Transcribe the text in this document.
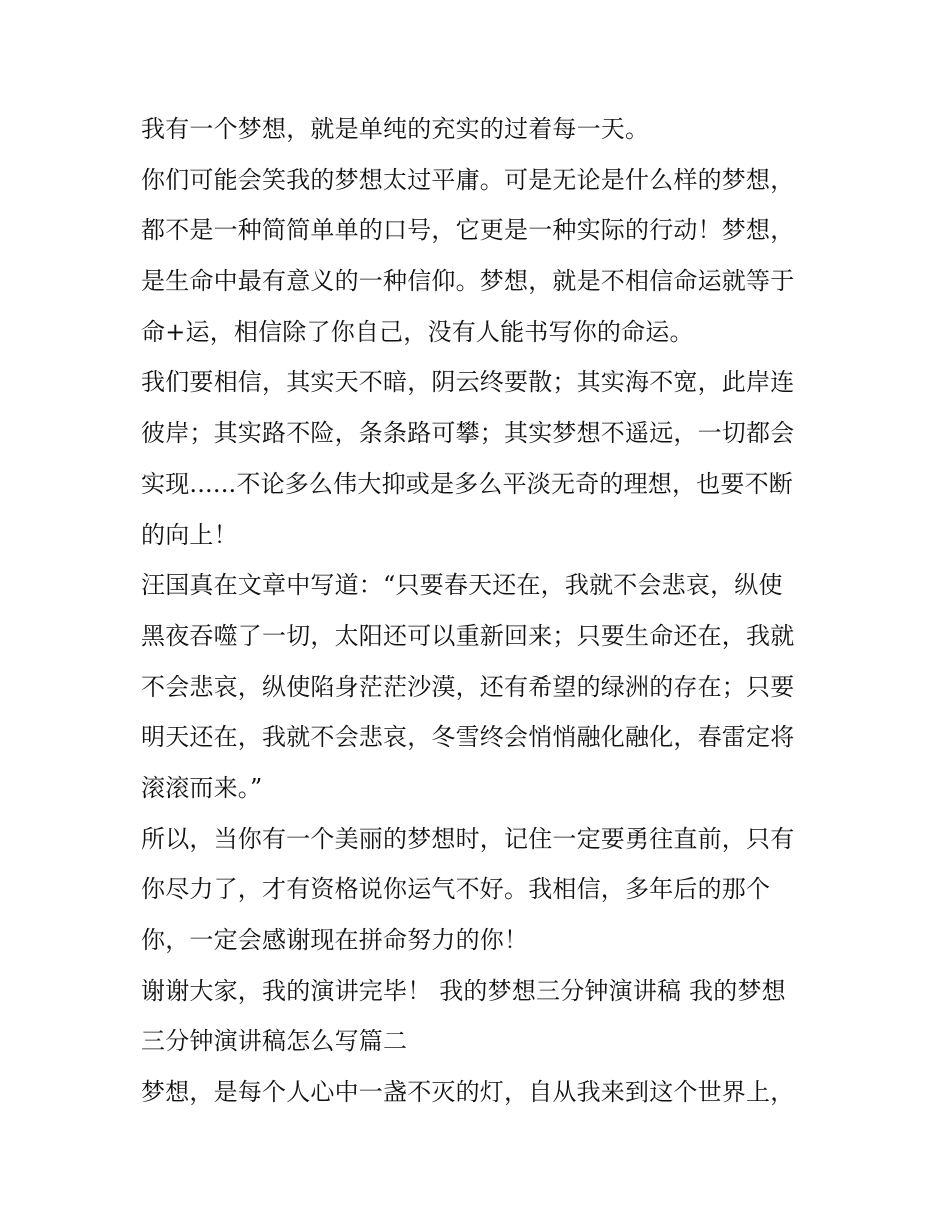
我有一个梦想，就是单纯的充实的过着每一天。
你们可能会笑我的梦想太过平庸。可是无论是什么样的梦想，
都不是一种简简单单的口号，它更是一种实际的行动！梦想，
是生命中最有意义的一种信仰。梦想，就是不相信命运就等于
命+运，相信除了你自己，没有人能书写你的命运。
我们要相信，其实天不暗，阴云终要散；其实海不宽，此岸连
彼岸；其实路不险，条条路可攀；其实梦想不遥远，一切都会
实现......不论多么伟大抑或是多么平淡无奇的理想，也要不断
的向上！
汪国真在文章中写道：“只要春天还在，我就不会悲哀，纵使
黑夜吞噬了一切，太阳还可以重新回来；只要生命还在，我就
不会悲哀，纵使陷身茫茫沙漠，还有希望的绿洲的存在；只要
明天还在，我就不会悲哀，冬雪终会悄悄融化融化，春雷定将
滚滚而来。”
所以，当你有一个美丽的梦想时，记住一定要勇往直前，只有
你尽力了，才有资格说你运气不好。我相信，多年后的那个
你，一定会感谢现在拼命努力的你！
谢谢大家，我的演讲完毕！ 我的梦想三分钟演讲稿 我的梦想
三分钟演讲稿怎么写篇二
梦想，是每个人心中一盏不灭的灯，自从我来到这个世界上，
